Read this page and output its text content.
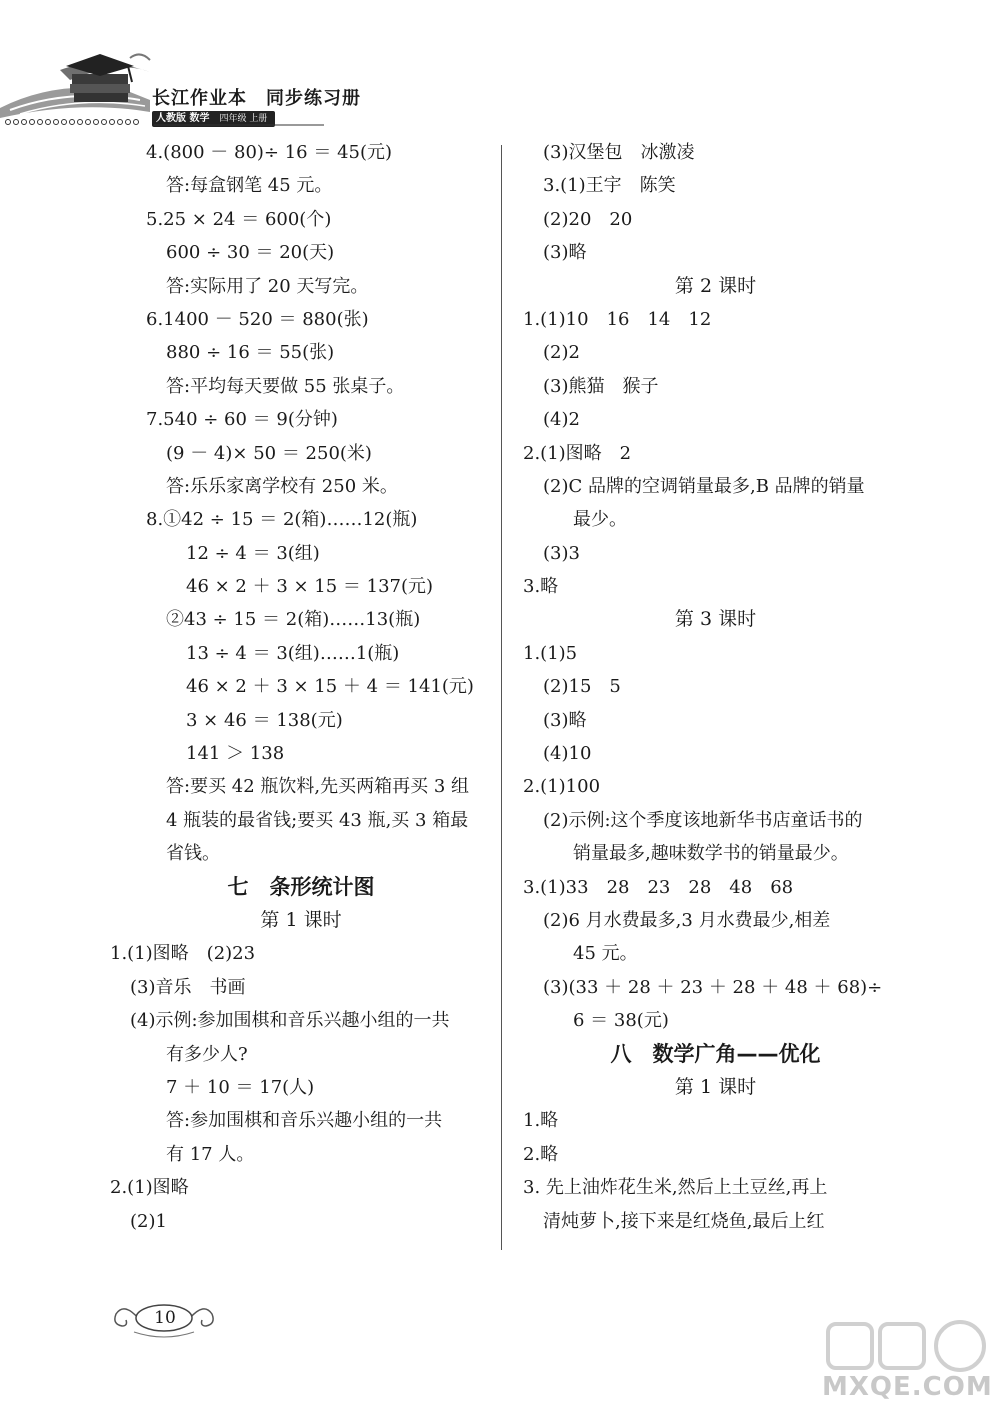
长江作业本　同步练习册
人教版 数学 四年级 上册
4.(800 － 80)÷ 16 ＝ 45(元)
答:每盒钢笔 45 元。
5.25 × 24 ＝ 600(个)
600 ÷ 30 ＝ 20(天)
答:实际用了 20 天写完。
6.1400 － 520 ＝ 880(张)
880 ÷ 16 ＝ 55(张)
答:平均每天要做 55 张桌子。
7.540 ÷ 60 ＝ 9(分钟)
(9 － 4)× 50 ＝ 250(米)
答:乐乐家离学校有 250 米。
8.①42 ÷ 15 ＝ 2(箱)……12(瓶)
12 ÷ 4 ＝ 3(组)
46 × 2 ＋ 3 × 15 ＝ 137(元)
②43 ÷ 15 ＝ 2(箱)……13(瓶)
13 ÷ 4 ＝ 3(组)……1(瓶)
46 × 2 ＋ 3 × 15 ＋ 4 ＝ 141(元)
3 × 46 ＝ 138(元)
141 ＞ 138
答:要买 42 瓶饮料,先买两箱再买 3 组
4 瓶装的最省钱;要买 43 瓶,买 3 箱最
省钱。
七　条形统计图
第 1 课时
1.(1)图略　(2)23
(3)音乐　书画
(4)示例:参加围棋和音乐兴趣小组的一共
有多少人?
7 ＋ 10 ＝ 17(人)
答:参加围棋和音乐兴趣小组的一共
有 17 人。
2.(1)图略
(2)1
(3)汉堡包　冰激凌
3.(1)王宇　陈笑
(2)20　20
(3)略
第 2 课时
1.(1)10　16　14　12
(2)2
(3)熊猫　猴子
(4)2
2.(1)图略　2
(2)C 品牌的空调销量最多,B 品牌的销量
最少。
(3)3
3.略
第 3 课时
1.(1)5
(2)15　5
(3)略
(4)10
2.(1)100
(2)示例:这个季度该地新华书店童话书的
销量最多,趣味数学书的销量最少。
3.(1)33　28　23　28　48　68
(2)6 月水费最多,3 月水费最少,相差
45 元。
(3)(33 ＋ 28 ＋ 23 ＋ 28 ＋ 48 ＋ 68)÷
6 ＝ 38(元)
八　数学广角——优化
第 1 课时
1.略
2.略
3. 先上油炸花生米,然后上土豆丝,再上
清炖萝卜,接下来是红烧鱼,最后上红
10
MXQE.COM
